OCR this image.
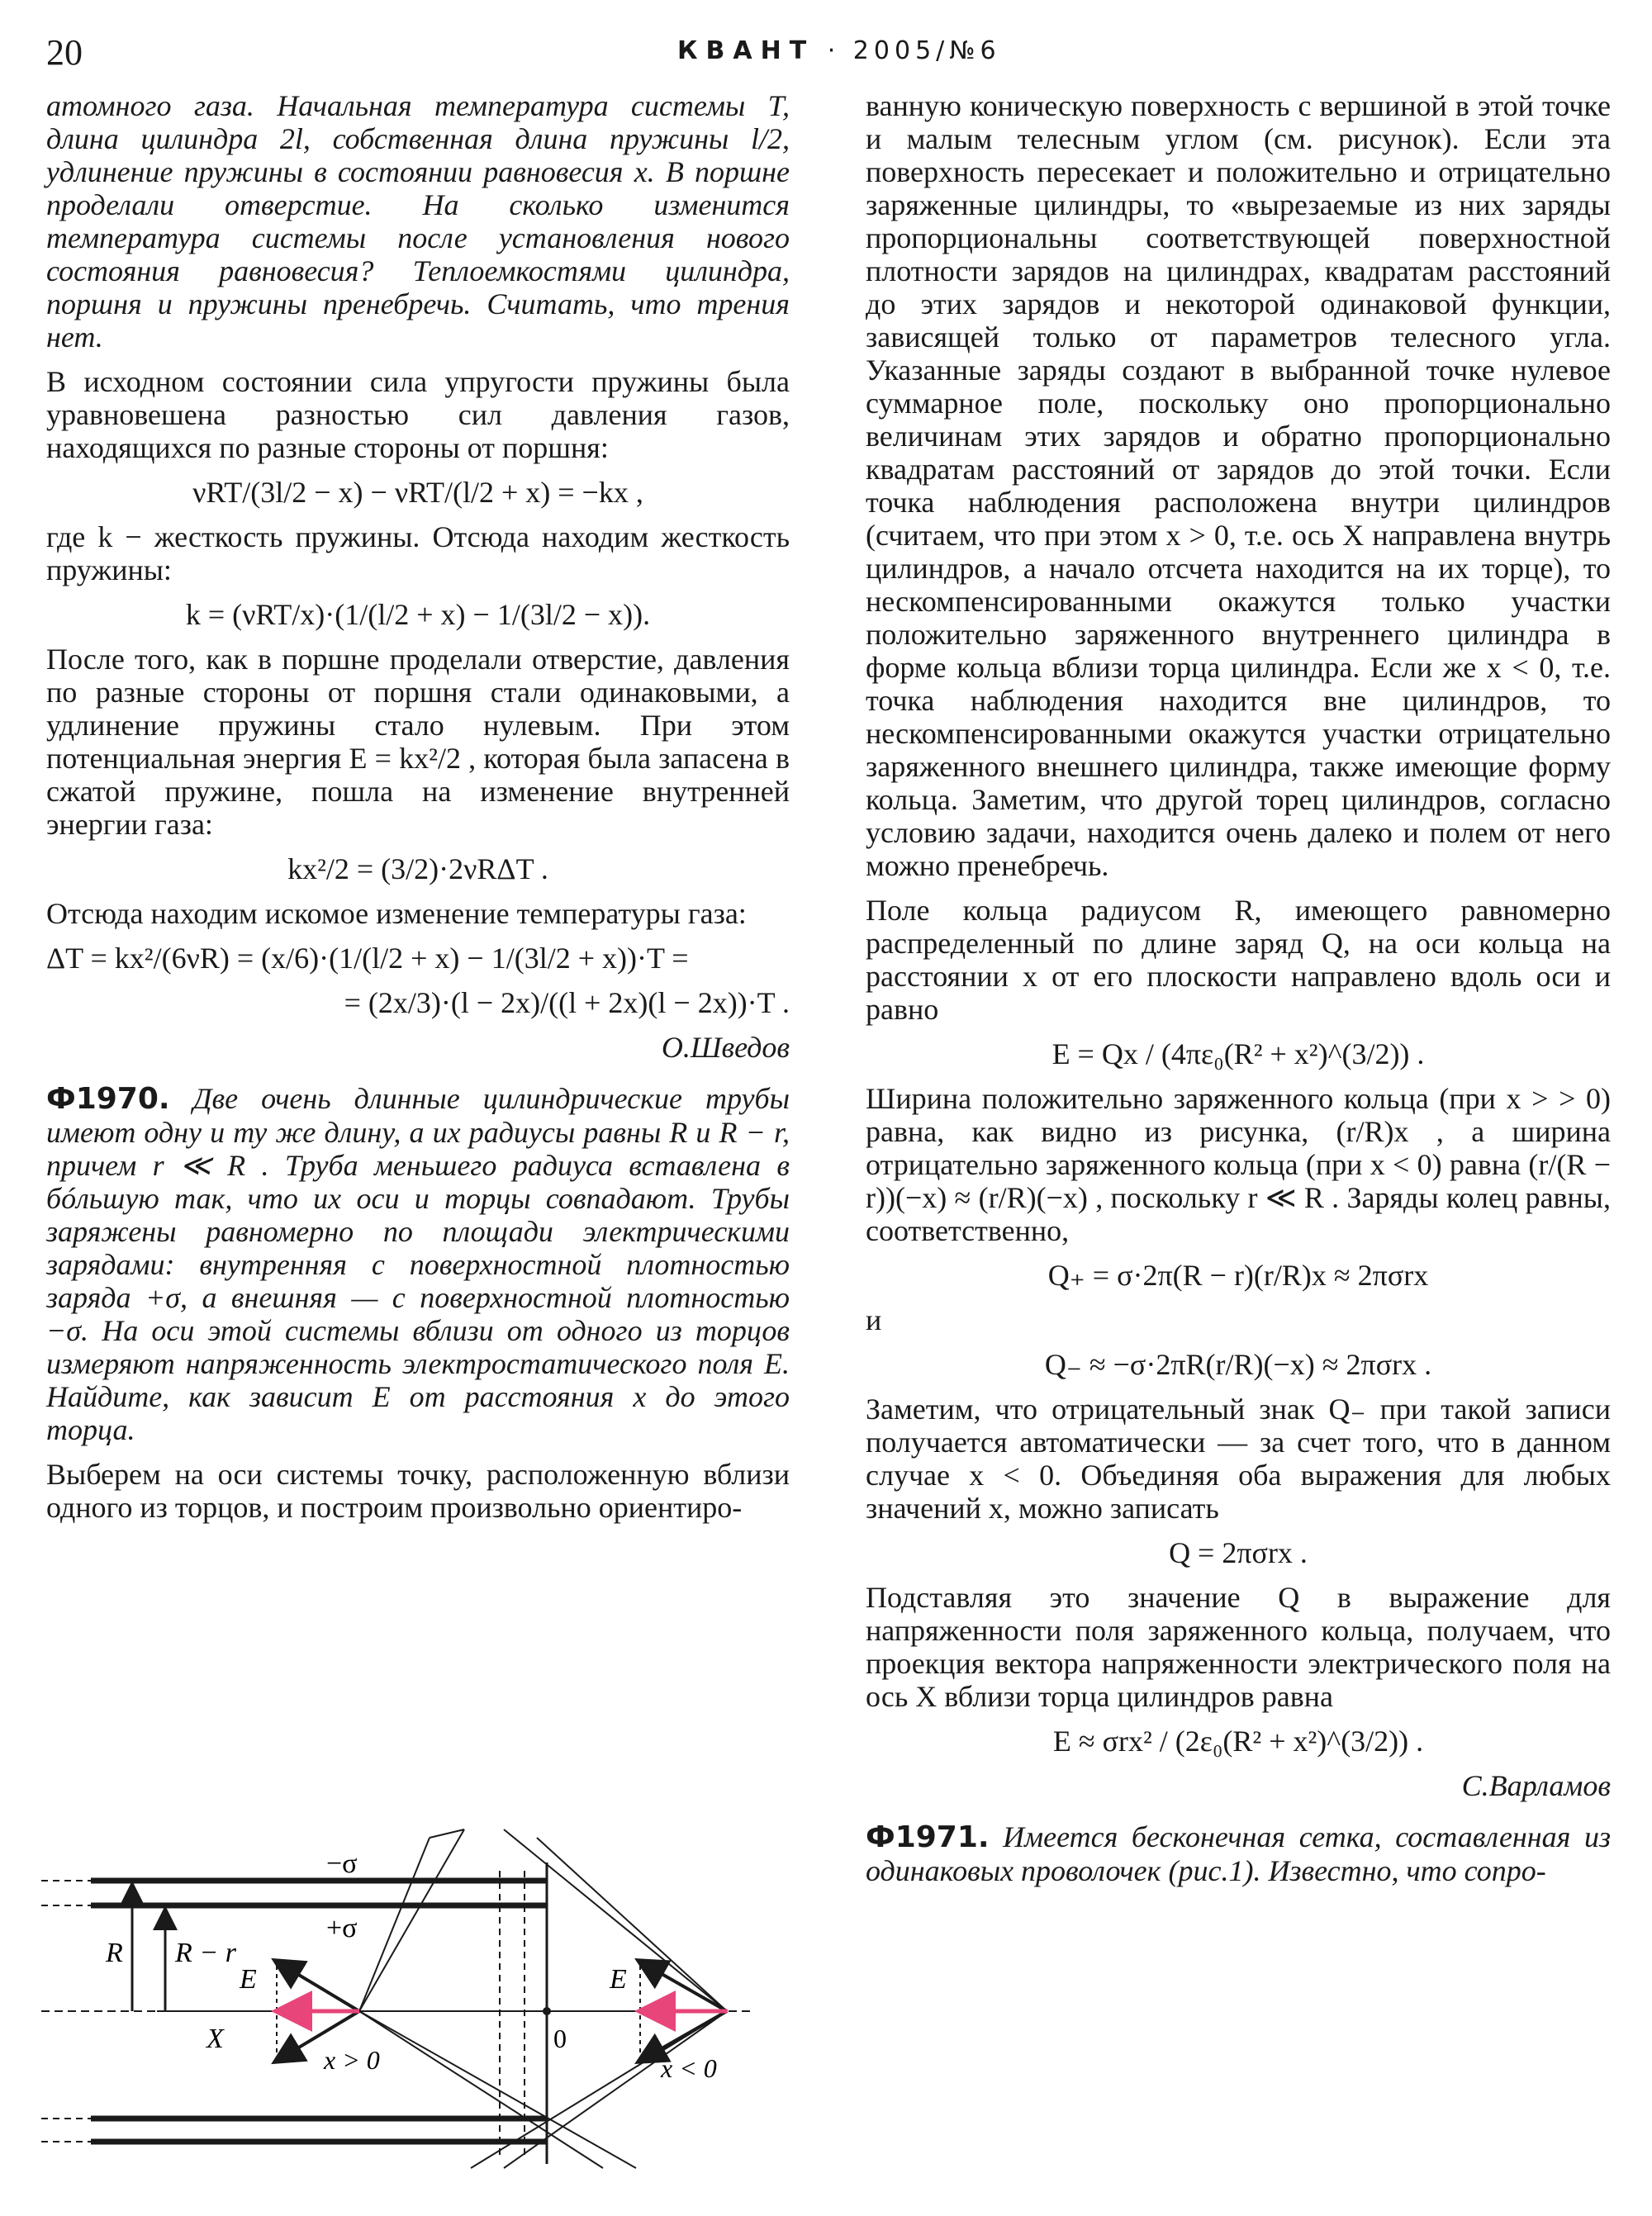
20	КВАНТ · 2005/№6

атомного газа. Начальная температура системы T, длина цилиндра 2l, собственная длина пружины l/2, удлинение пружины в состоянии равновесия x. В поршне проделали отверстие. На сколько изменится температура системы после установления нового состояния равновесия? Теплоемкостями цилиндра, поршня и пружины пренебречь. Считать, что трения нет.

В исходном состоянии сила упругости пружины была уравновешена разностью сил давления газов, находящихся по разные стороны от поршня:

νRT/(3l/2 − x) − νRT/(l/2 + x) = −kx ,

где k − жесткость пружины. Отсюда находим жесткость пружины:

k = (νRT/x)·(1/(l/2 + x) − 1/(3l/2 − x)).

После того, как в поршне проделали отверстие, давления по разные стороны от поршня стали одинаковыми, а удлинение пружины стало нулевым. При этом потенциальная энергия E = kx²/2 , которая была запасена в сжатой пружине, пошла на изменение внутренней энергии газа:

kx²/2 = (3/2)·2νRΔT .

Отсюда находим искомое изменение температуры газа:

ΔT = kx²/(6νR) = (x/6)·(1/(l/2 + x) − 1/(3l/2 + x))·T =
= (2x/3)·(l − 2x)/((l + 2x)(l − 2x))·T .
О.Шведов

Ф1970. Две очень длинные цилиндрические трубы имеют одну и ту же длину, а их радиусы равны R и R − r, причем r ≪ R . Труба меньшего радиуса вставлена в бóльшую так, что их оси и торцы совпадают. Трубы заряжены равномерно по площади электрическими зарядами: внутренняя с поверхностной плотностью заряда +σ, а внешняя — с поверхностной плотностью −σ. На оси этой системы вблизи от одного из торцов измеряют напряженность электростатического поля E. Найдите, как зависит E от расстояния x до этого торца.

Выберем на оси системы точку, расположенную вблизи одного из торцов, и построим произвольно ориентиро-

−σ
+σ
R R − r
E
X
x > 0
0
E
x < 0

ванную коническую поверхность с вершиной в этой точке и малым телесным углом (см. рисунок). Если эта поверхность пересекает и положительно и отрицательно заряженные цилиндры, то «вырезаемые из них заряды пропорциональны соответствующей поверхностной плотности зарядов на цилиндрах, квадратам расстояний до этих зарядов и некоторой одинаковой функции, зависящей только от параметров телесного угла. Указанные заряды создают в выбранной точке нулевое суммарное поле, поскольку оно пропорционально величинам этих зарядов и обратно пропорционально квадратам расстояний от зарядов до этой точки. Если точка наблюдения расположена внутри цилиндров (считаем, что при этом x > 0, т.е. ось X направлена внутрь цилиндров, а начало отсчета находится на их торце), то нескомпенсированными окажутся только участки положительно заряженного внутреннего цилиндра в форме кольца вблизи торца цилиндра. Если же x < 0, т.е. точка наблюдения находится вне цилиндров, то нескомпенсированными окажутся участки отрицательно заряженного внешнего цилиндра, также имеющие форму кольца. Заметим, что другой торец цилиндров, согласно условию задачи, находится очень далеко и полем от него можно пренебречь.

Поле кольца радиусом R, имеющего равномерно распределенный по длине заряд Q, на оси кольца на расстоянии x от его плоскости направлено вдоль оси и равно

E = Qx / (4πε₀(R² + x²)^(3/2)) .

Ширина положительно заряженного кольца (при x > > 0) равна, как видно из рисунка, (r/R)x , а ширина отрицательно заряженного кольца (при x < 0) равна (r/(R − r))(−x) ≈ (r/R)(−x) , поскольку r ≪ R . Заряды колец равны, соответственно,

Q₊ = σ·2π(R − r)(r/R)x ≈ 2πσrx

и

Q₋ ≈ −σ·2πR(r/R)(−x) ≈ 2πσrx .

Заметим, что отрицательный знак Q₋ при такой записи получается автоматически — за счет того, что в данном случае x < 0. Объединяя оба выражения для любых значений x, можно записать

Q = 2πσrx .

Подставляя это значение Q в выражение для напряженности поля заряженного кольца, получаем, что проекция вектора напряженности электрического поля на ось X вблизи торца цилиндров равна

E ≈ σrx² / (2ε₀(R² + x²)^(3/2)) .
С.Варламов

Ф1971. Имеется бесконечная сетка, составленная из одинаковых проволочек (рис.1). Известно, что сопро-
